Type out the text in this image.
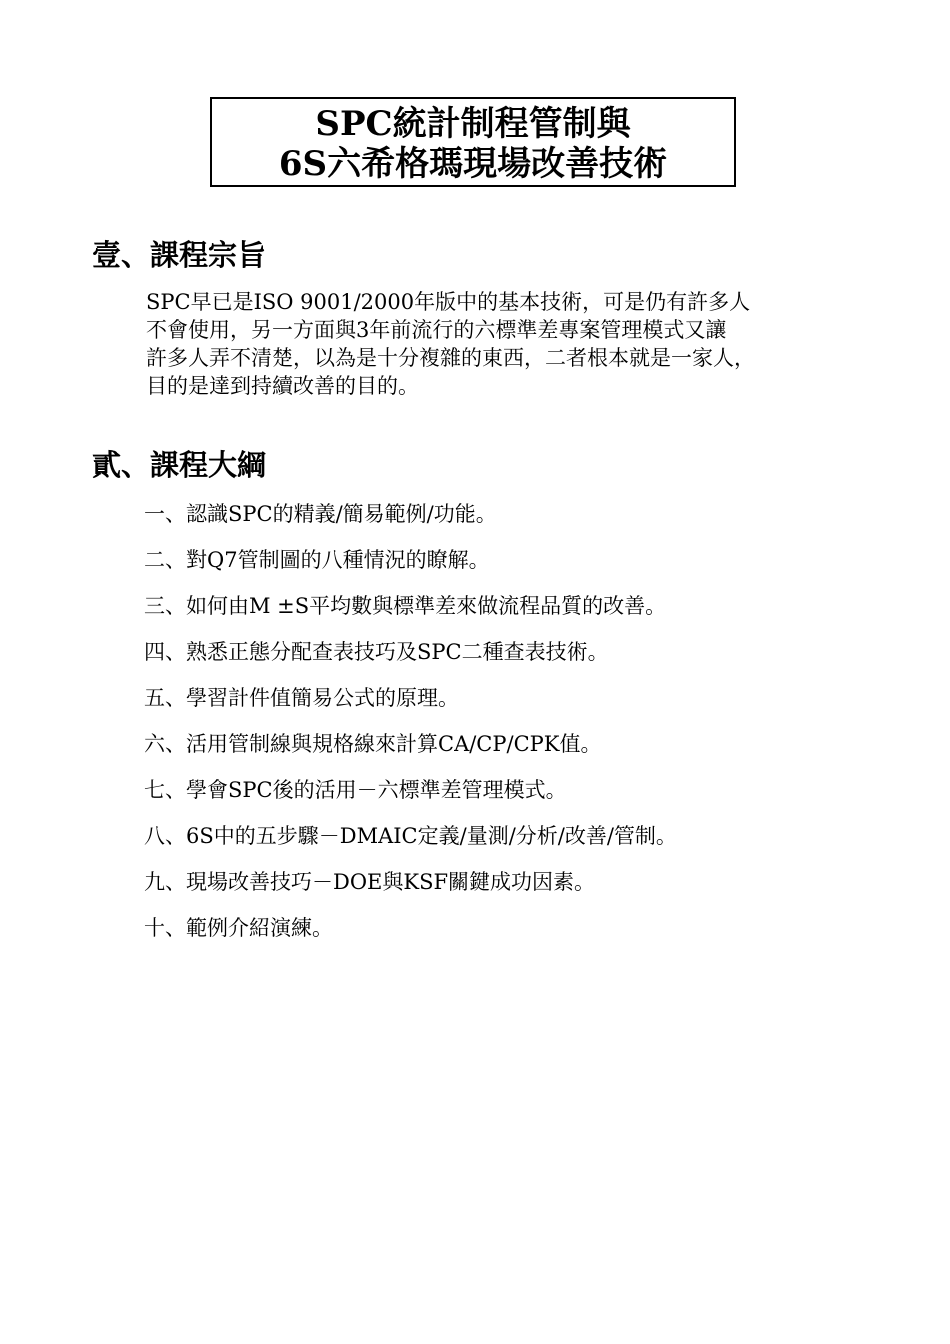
SPC統計制程管制與
6S六希格瑪現場改善技術
壹、課程宗旨
SPC早已是ISO 9001/2000年版中的基本技術，可是仍有許多人
不會使用，另一方面與3年前流行的六標準差專案管理模式又讓
許多人弄不清楚，以為是十分複雜的東西，二者根本就是一家人，
目的是達到持續改善的目的。
貳、課程大綱
一、認識SPC的精義/簡易範例/功能。
二、對Q7管制圖的八種情況的瞭解。
三、如何由M ±S平均數與標準差來做流程品質的改善。
四、熟悉正態分配查表技巧及SPC二種查表技術。
五、學習計件值簡易公式的原理。
六、活用管制線與規格線來計算CA/CP/CPK值。
七、學會SPC後的活用－六標準差管理模式。
八、6S中的五步驟－DMAIC定義/量測/分析/改善/管制。
九、現場改善技巧－DOE與KSF關鍵成功因素。
十、範例介紹演練。
